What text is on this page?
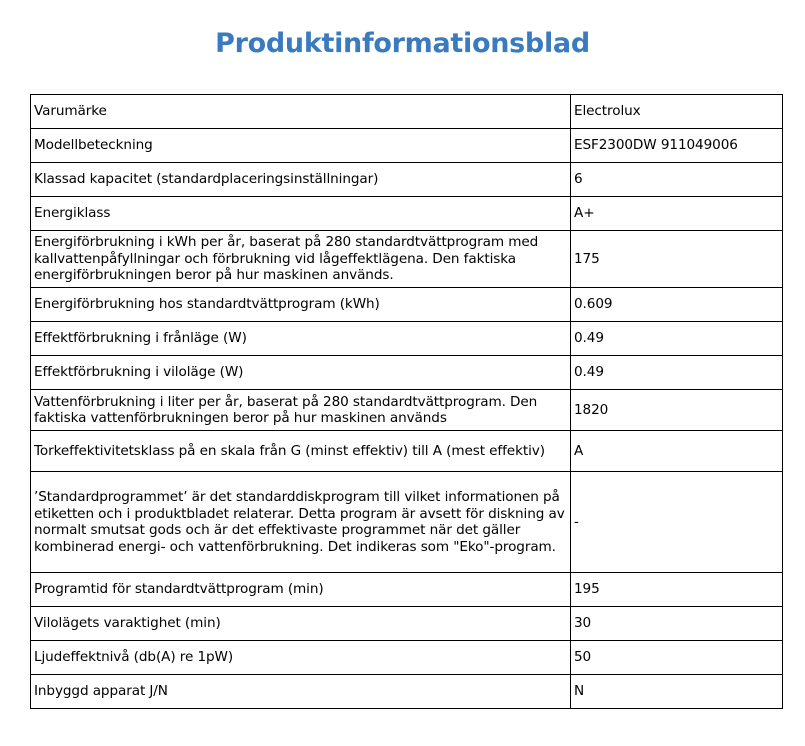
Produktinformationsblad
Varumärke	Electrolux
Modellbeteckning	ESF2300DW 911049006
Klassad kapacitet (standardplaceringsinställningar)	6
Energiklass	A+
Energiförbrukning i kWh per år, baserat på 280 standardtvättprogram med kallvattenpåfyllningar och förbrukning vid lågeffektlägena. Den faktiska energiförbrukningen beror på hur maskinen används.	175
Energiförbrukning hos standardtvättprogram (kWh)	0.609
Effektförbrukning i frånläge (W)	0.49
Effektförbrukning i viloläge (W)	0.49
Vattenförbrukning i liter per år, baserat på 280 standardtvättprogram. Den faktiska vattenförbrukningen beror på hur maskinen används	1820
Torkeffektivitetsklass på en skala från G (minst effektiv) till A (mest effektiv)	A
’Standardprogrammet’ är det standarddiskprogram till vilket informationen på etiketten och i produktbladet relaterar. Detta program är avsett för diskning av normalt smutsat gods och är det effektivaste programmet när det gäller kombinerad energi- och vattenförbrukning. Det indikeras som "Eko"-program.	-
Programtid för standardtvättprogram (min)	195
Vilolägets varaktighet (min)	30
Ljudeffektnivå (db(A) re 1pW)	50
Inbyggd apparat J/N	N
